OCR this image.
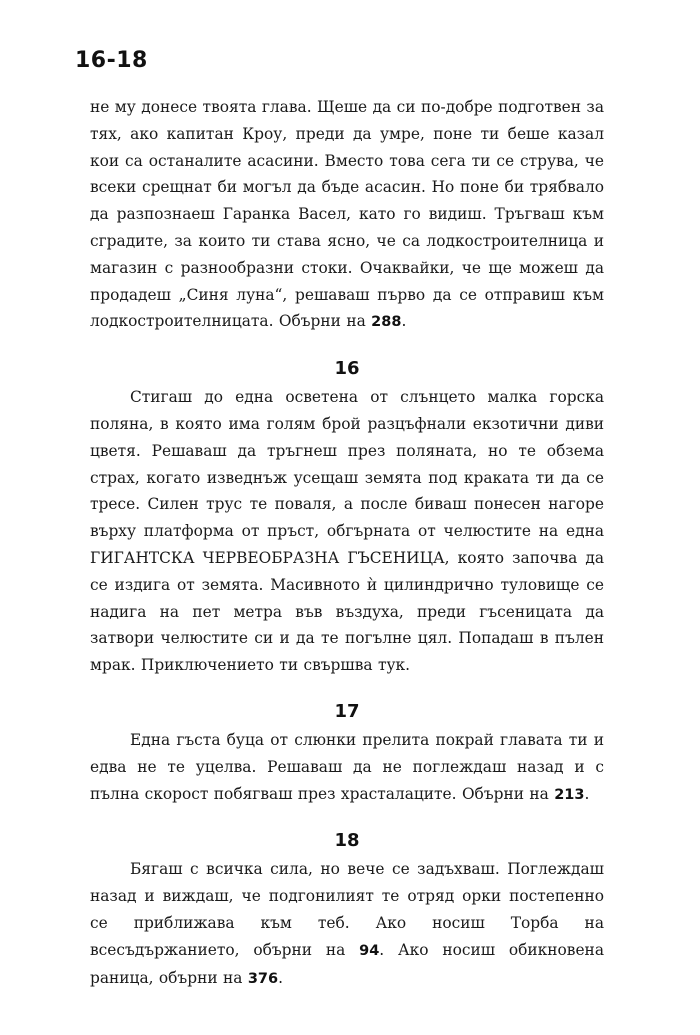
16-18

не му донесе твоята глава. Щеше да си по-добре подготвен за тях, ако капитан Кроу, преди да умре, поне ти беше казал кои са останалите асасини. Вместо това сега ти се струва, че всеки срещнат би могъл да бъде асасин. Но поне би трябвало да разпознаеш Гаранка Васел, като го видиш. Тръгваш към сградите, за които ти става ясно, че са лодкостроителница и магазин с разнообразни стоки. Очаквайки, че ще можеш да продадеш „Синя луна“, решаваш първо да се отправиш към лодкостроителницата. Обърни на 288.

16

Стигаш до една осветена от слънцето малка горска поляна, в която има голям брой разцъфнали екзотични диви цветя. Решаваш да тръгнеш през поляната, но те обзема страх, когато изведнъж усещаш земята под краката ти да се тресе. Силен трус те поваля, а после биваш понесен нагоре върху платформа от пръст, обгърната от челюстите на една ГИГАНТСКА ЧЕРВЕОБРАЗНА ГЪСЕНИЦА, която започва да се издига от земята. Масивното ѝ цилиндрично туловище се надига на пет метра във въздуха, преди гъсеницата да затвори челюстите си и да те погълне цял. Попадаш в пълен мрак. Приключението ти свършва тук.

17

Една гъста буца от слюнки прелита покрай главата ти и едва не те уцелва. Решаваш да не поглеждаш назад и с пълна скорост побягваш през храсталаците. Обърни на 213.

18

Бягаш с всичка сила, но вече се задъхваш. Поглеждаш назад и виждаш, че подгонилият те отряд орки постепенно се приближава към теб. Ако носиш Торба на всесъдържанието, обърни на 94. Ако носиш обикновена раница, обърни на 376.
